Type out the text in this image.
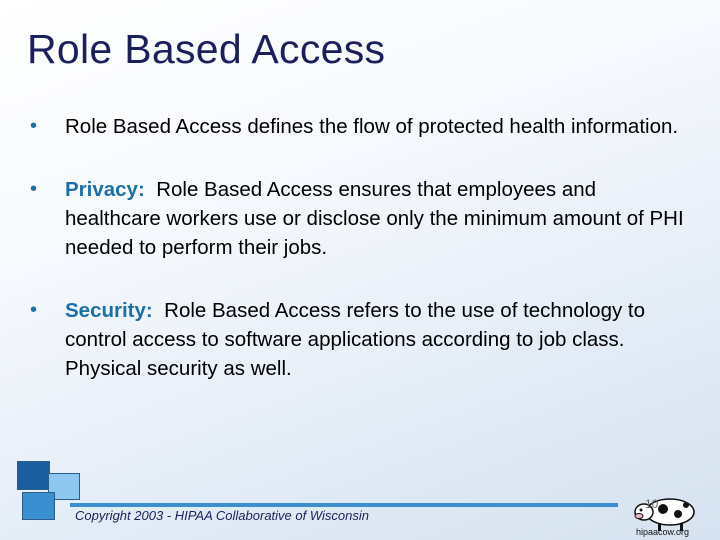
Role Based Access
• Role Based Access defines the flow of protected health information.
• Privacy: Role Based Access ensures that employees and healthcare workers use or disclose only the minimum amount of PHI needed to perform their jobs.
• Security: Role Based Access refers to the use of technology to control access to software applications according to job class. Physical security as well.
Copyright 2003 - HIPAA Collaborative of Wisconsin
10
hipaacow.org
